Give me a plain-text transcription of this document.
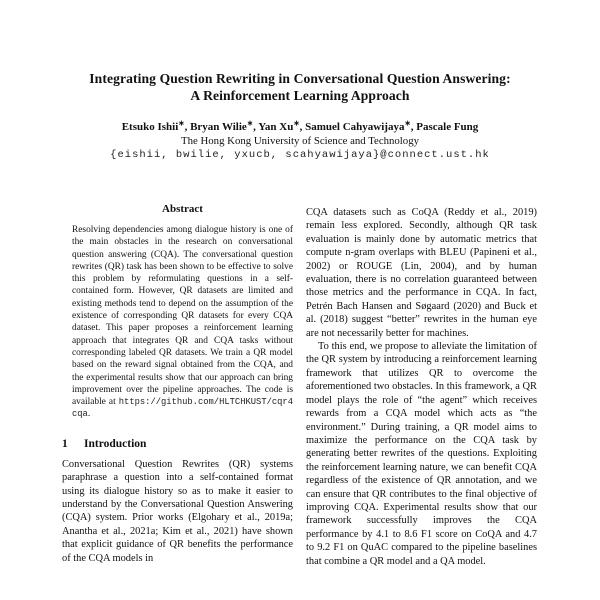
Integrating Question Rewriting in Conversational Question Answering:
A Reinforcement Learning Approach
Etsuko Ishii∗, Bryan Wilie∗, Yan Xu∗, Samuel Cahyawijaya∗, Pascale Fung
The Hong Kong University of Science and Technology
{eishii, bwilie, yxucb, scahyawijaya}@connect.ust.hk
Abstract

Resolving dependencies among dialogue history is one of the main obstacles in the research on conversational question answering (CQA). The conversational question rewrites (QR) task has been shown to be effective to solve this problem by reformulating questions in a self-contained form. However, QR datasets are limited and existing methods tend to depend on the assumption of the existence of corresponding QR datasets for every CQA dataset. This paper proposes a reinforcement learning approach that integrates QR and CQA tasks without corresponding labeled QR datasets. We train a QR model based on the reward signal obtained from the CQA, and the experimental results show that our approach can bring improvement over the pipeline approaches. The code is available at https://github.com/HLTCHKUST/cqr4cqa.

1 Introduction

Conversational Question Rewrites (QR) systems paraphrase a question into a self-contained format using its dialogue history so as to make it easier to understand by the Conversational Question Answering (CQA) system. Prior works (Elgohary et al., 2019a; Anantha et al., 2021a; Kim et al., 2021) have shown that explicit guidance of QR benefits the performance of the CQA models in

CQA datasets such as CoQA (Reddy et al., 2019) remain less explored. Secondly, although QR task evaluation is mainly done by automatic metrics that compute n-gram overlaps with BLEU (Papineni et al., 2002) or ROUGE (Lin, 2004), and by human evaluation, there is no correlation guaranteed between those metrics and the performance in CQA. In fact, Petrén Bach Hansen and Søgaard (2020) and Buck et al. (2018) suggest “better” rewrites in the human eye are not necessarily better for machines.

To this end, we propose to alleviate the limitation of the QR system by introducing a reinforcement learning framework that utilizes QR to overcome the aforementioned two obstacles. In this framework, a QR model plays the role of “the agent” which receives rewards from a CQA model which acts as “the environment.” During training, a QR model aims to maximize the performance on the CQA task by generating better rewrites of the questions. Exploiting the reinforcement learning nature, we can benefit CQA regardless of the existence of QR annotation, and we can ensure that QR contributes to the final objective of improving CQA. Experimental results show that our framework successfully improves the CQA performance by 4.1 to 8.6 F1 score on CoQA and 4.7 to 9.2 F1 on QuAC compared to the pipeline baselines that combine a QR model and a QA model.
